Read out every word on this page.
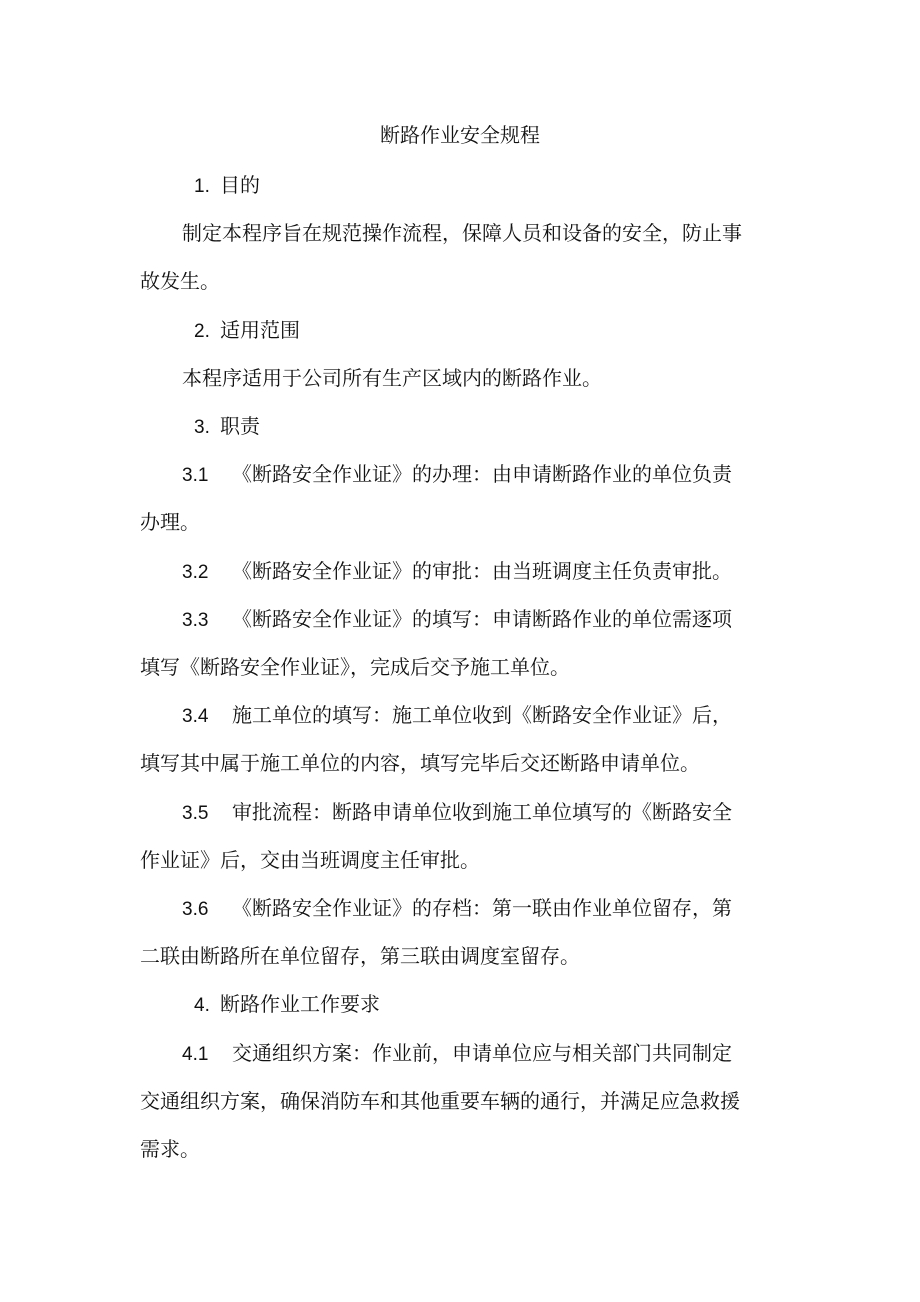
断路作业安全规程
1. 目的
制定本程序旨在规范操作流程，保障人员和设备的安全，防止事
故发生。
2. 适用范围
本程序适用于公司所有生产区域内的断路作业。
3. 职责
3.1 《断路安全作业证》的办理：由申请断路作业的单位负责
办理。
3.2 《断路安全作业证》的审批：由当班调度主任负责审批。
3.3 《断路安全作业证》的填写：申请断路作业的单位需逐项
填写《断路安全作业证》，完成后交予施工单位。
3.4 施工单位的填写：施工单位收到《断路安全作业证》后，
填写其中属于施工单位的内容，填写完毕后交还断路申请单位。
3.5 审批流程：断路申请单位收到施工单位填写的《断路安全
作业证》后，交由当班调度主任审批。
3.6 《断路安全作业证》的存档：第一联由作业单位留存，第
二联由断路所在单位留存，第三联由调度室留存。
4. 断路作业工作要求
4.1 交通组织方案：作业前，申请单位应与相关部门共同制定
交通组织方案，确保消防车和其他重要车辆的通行，并满足应急救援
需求。
